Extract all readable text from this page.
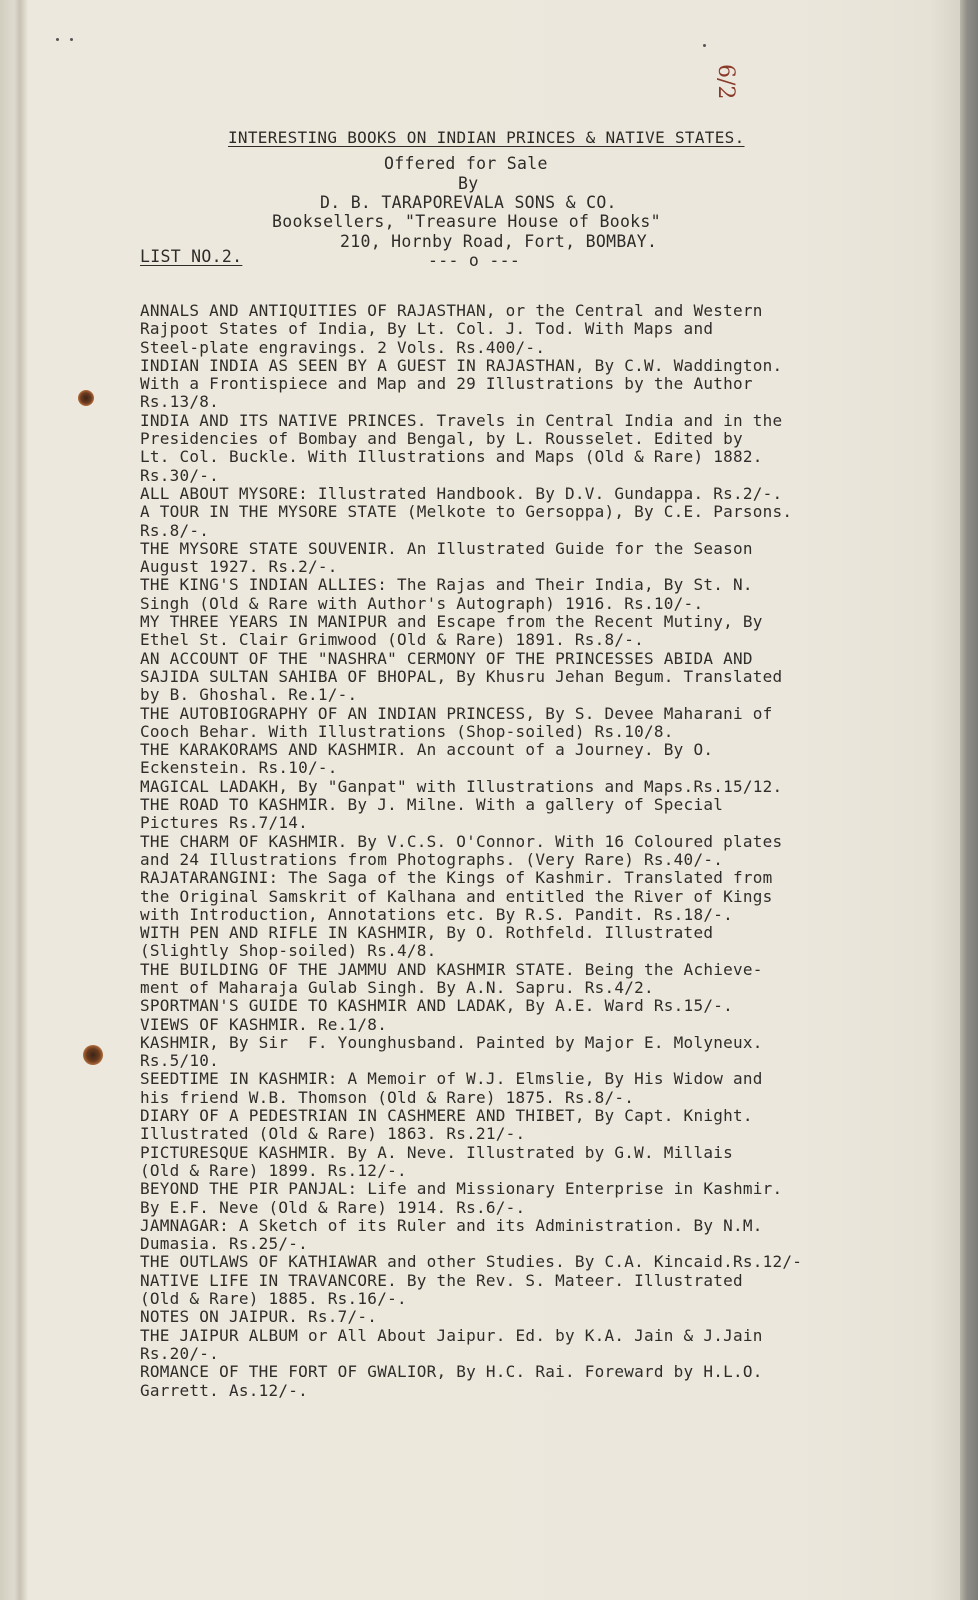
6/2
INTERESTING BOOKS ON INDIAN PRINCES & NATIVE STATES.
Offered for Sale
By
D. B. TARAPOREVALA SONS & CO.
Booksellers, "Treasure House of Books"
210, Hornby Road, Fort, BOMBAY.
LIST NO.2.	--- o ---
ANNALS AND ANTIQUITIES OF RAJASTHAN, or the Central and Western
Rajpoot States of India, By Lt. Col. J. Tod. With Maps and
Steel-plate engravings. 2 Vols. Rs.400/-.
INDIAN INDIA AS SEEN BY A GUEST IN RAJASTHAN, By C.W. Waddington.
With a Frontispiece and Map and 29 Illustrations by the Author
Rs.13/8.
INDIA AND ITS NATIVE PRINCES. Travels in Central India and in the
Presidencies of Bombay and Bengal, by L. Rousselet. Edited by
Lt. Col. Buckle. With Illustrations and Maps (Old & Rare) 1882.
Rs.30/-.
ALL ABOUT MYSORE: Illustrated Handbook. By D.V. Gundappa. Rs.2/-.
A TOUR IN THE MYSORE STATE (Melkote to Gersoppa), By C.E. Parsons.
Rs.8/-.
THE MYSORE STATE SOUVENIR. An Illustrated Guide for the Season
August 1927. Rs.2/-.
THE KING'S INDIAN ALLIES: The Rajas and Their India, By St. N.
Singh (Old & Rare with Author's Autograph) 1916. Rs.10/-.
MY THREE YEARS IN MANIPUR and Escape from the Recent Mutiny, By
Ethel St. Clair Grimwood (Old & Rare) 1891. Rs.8/-.
AN ACCOUNT OF THE "NASHRA" CERMONY OF THE PRINCESSES ABIDA AND
SAJIDA SULTAN SAHIBA OF BHOPAL, By Khusru Jehan Begum. Translated
by B. Ghoshal. Re.1/-.
THE AUTOBIOGRAPHY OF AN INDIAN PRINCESS, By S. Devee Maharani of
Cooch Behar. With Illustrations (Shop-soiled) Rs.10/8.
THE KARAKORAMS AND KASHMIR. An account of a Journey. By O.
Eckenstein. Rs.10/-.
MAGICAL LADAKH, By "Ganpat" with Illustrations and Maps.Rs.15/12.
THE ROAD TO KASHMIR. By J. Milne. With a gallery of Special
Pictures Rs.7/14.
THE CHARM OF KASHMIR. By V.C.S. O'Connor. With 16 Coloured plates
and 24 Illustrations from Photographs. (Very Rare) Rs.40/-.
RAJATARANGINI: The Saga of the Kings of Kashmir. Translated from
the Original Samskrit of Kalhana and entitled the River of Kings
with Introduction, Annotations etc. By R.S. Pandit. Rs.18/-.
WITH PEN AND RIFLE IN KASHMIR, By O. Rothfeld. Illustrated
(Slightly Shop-soiled) Rs.4/8.
THE BUILDING OF THE JAMMU AND KASHMIR STATE. Being the Achieve-
ment of Maharaja Gulab Singh. By A.N. Sapru. Rs.4/2.
SPORTMAN'S GUIDE TO KASHMIR AND LADAK, By A.E. Ward Rs.15/-.
VIEWS OF KASHMIR. Re.1/8.
KASHMIR, By Sir  F. Younghusband. Painted by Major E. Molyneux.
Rs.5/10.
SEEDTIME IN KASHMIR: A Memoir of W.J. Elmslie, By His Widow and
his friend W.B. Thomson (Old & Rare) 1875. Rs.8/-.
DIARY OF A PEDESTRIAN IN CASHMERE AND THIBET, By Capt. Knight.
Illustrated (Old & Rare) 1863. Rs.21/-.
PICTURESQUE KASHMIR. By A. Neve. Illustrated by G.W. Millais
(Old & Rare) 1899. Rs.12/-.
BEYOND THE PIR PANJAL: Life and Missionary Enterprise in Kashmir.
By E.F. Neve (Old & Rare) 1914. Rs.6/-.
JAMNAGAR: A Sketch of its Ruler and its Administration. By N.M.
Dumasia. Rs.25/-.
THE OUTLAWS OF KATHIAWAR and other Studies. By C.A. Kincaid.Rs.12/-
NATIVE LIFE IN TRAVANCORE. By the Rev. S. Mateer. Illustrated
(Old & Rare) 1885. Rs.16/-.
NOTES ON JAIPUR. Rs.7/-.
THE JAIPUR ALBUM or All About Jaipur. Ed. by K.A. Jain & J.Jain
Rs.20/-.
ROMANCE OF THE FORT OF GWALIOR, By H.C. Rai. Foreward by H.L.O.
Garrett. As.12/-.
